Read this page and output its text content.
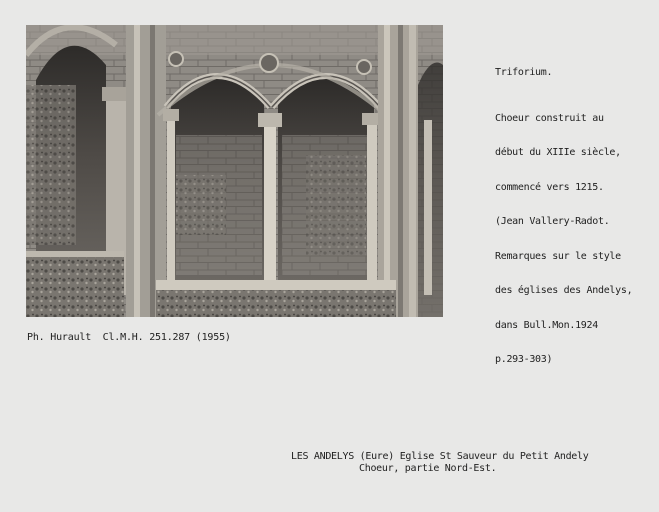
Triforium.

Choeur construit au

début du XIIIe siècle,

commencé vers 1215.

(Jean Vallery-Radot.

Remarques sur le style

des églises des Andelys,

dans Bull.Mon.1924

p.293-303)

Ph. Hurault  Cl.M.H. 251.287 (1955)
LES ANDELYS (Eure) Eglise St Sauveur du Petit Andely
Choeur, partie Nord-Est.
